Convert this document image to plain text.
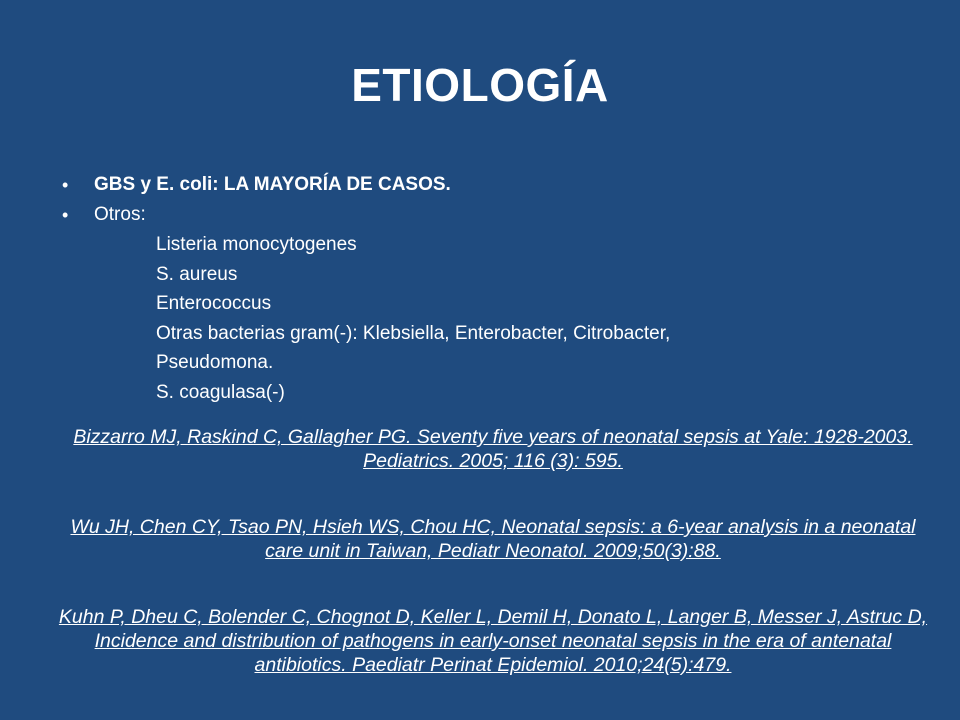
ETIOLOGÍA
• GBS y E. coli: LA MAYORÍA DE CASOS.
• Otros:
Listeria monocytogenes
S. aureus
Enterococcus
Otras bacterias gram(-): Klebsiella, Enterobacter, Citrobacter,
Pseudomona.
S. coagulasa(-)
Bizzarro MJ, Raskind C, Gallagher PG. Seventy five years of neonatal sepsis at Yale: 1928-2003. Pediatrics. 2005; 116 (3): 595.
Wu JH, Chen CY, Tsao PN, Hsieh WS, Chou HC, Neonatal sepsis: a 6-year analysis in a neonatal care unit in Taiwan, Pediatr Neonatol. 2009;50(3):88.
Kuhn P, Dheu C, Bolender C, Chognot D, Keller L, Demil H, Donato L, Langer B, Messer J, Astruc D, Incidence and distribution of pathogens in early-onset neonatal sepsis in the era of antenatal antibiotics. Paediatr Perinat Epidemiol. 2010;24(5):479.
